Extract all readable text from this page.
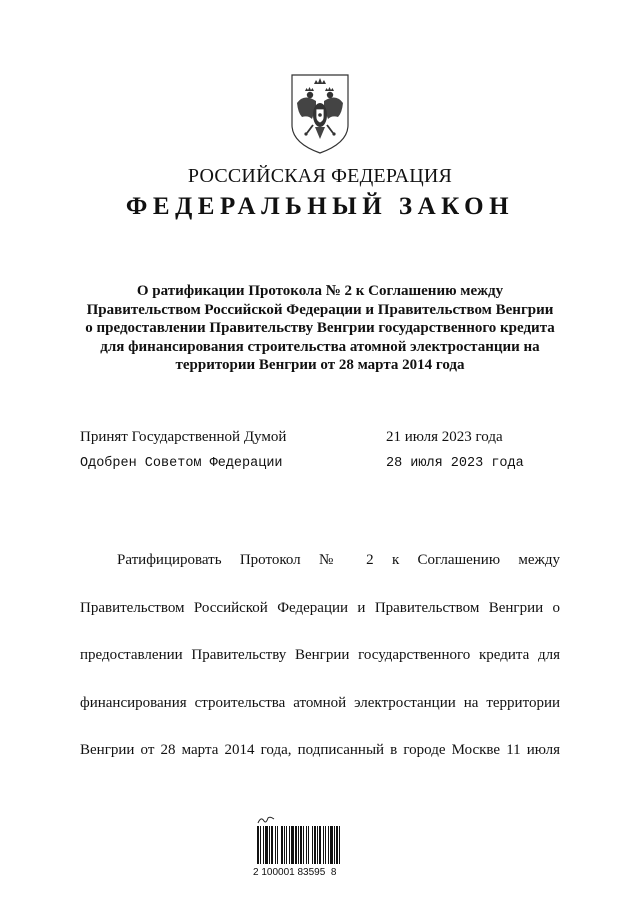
РОССИЙСКАЯ ФЕДЕРАЦИЯ
ФЕДЕРАЛЬНЫЙ ЗАКОН
О ратификации Протокола № 2 к Соглашению между
Правительством Российской Федерации и Правительством Венгрии
о предоставлении Правительству Венгрии государственного кредита
для финансирования строительства атомной электростанции на
территории Венгрии от 28 марта 2014 года
Принят Государственной Думой	21 июля 2023 года
Одобрен Советом Федерации	28 июля 2023 года
Ратифицировать Протокол № 2 к Соглашению между
Правительством Российской Федерации и Правительством Венгрии о
предоставлении Правительству Венгрии государственного кредита для
финансирования строительства атомной электростанции на территории
Венгрии от 28 марта 2014 года, подписанный в городе Москве 11 июля
2 100001 83595  8
